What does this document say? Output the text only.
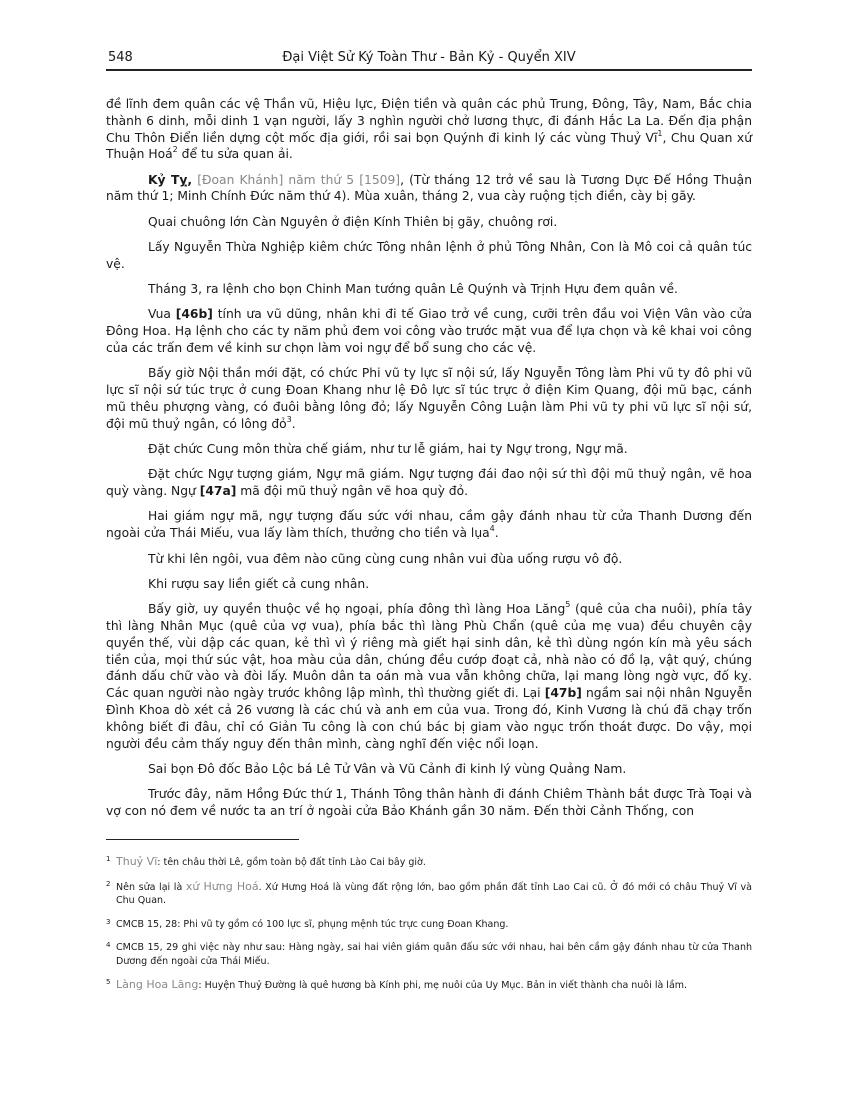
548	Đại Việt Sử Ký Toàn Thư - Bản Kỷ - Quyển XIV

đề lĩnh đem quân các vệ Thần vũ, Hiệu lực, Điện tiền và quân các phủ Trung, Đông, Tây, Nam, Bắc chia thành 6 dinh, mỗi dinh 1 vạn người, lấy 3 nghìn người chở lương thực, đi đánh Hắc La La. Đến địa phận Chu Thôn Điển liền dựng cột mốc địa giới, rồi sai bọn Quýnh đi kinh lý các vùng Thuỷ $Vĩ^1$, Chu Quan xứ Thuận Hoá$^2$ để tu sửa quan ải.

Kỷ Tỵ, [Đoan Khánh] năm thứ 5 [1509], (Từ tháng 12 trở về sau là Tương Dực Đế Hồng Thuận năm thứ 1; Minh Chính Đức năm thứ 4). Mùa xuân, tháng 2, vua cày ruộng tịch điền, cày bị gãy.

Quai chuông lớn Càn Nguyên ở điện Kính Thiên bị gãy, chuông rơi.

Lấy Nguyễn Thừa Nghiệp kiêm chức Tông nhân lệnh ở phủ Tông Nhân, Con là Mô coi cả quân túc vệ.

Tháng 3, ra lệnh cho bọn Chinh Man tướng quân Lê Quýnh và Trịnh Hựu đem quân về.

Vua [46b] tính ưa vũ dũng, nhân khi đi tế Giao trở về cung, cưỡi trên đầu voi Viện Vân vào cửa Đông Hoa. Hạ lệnh cho các ty năm phủ đem voi công vào trước mặt vua để lựa chọn và kê khai voi công của các trấn đem về kinh sư chọn làm voi ngự để bổ sung cho các vệ.

Bấy giờ Nội thần mới đặt, có chức Phi vũ ty lực sĩ nội sứ, lấy Nguyễn Tông làm Phi vũ ty đô phi vũ lực sĩ nội sứ túc trực ở cung Đoan Khang như lệ Đô lực sĩ túc trực ở điện Kim Quang, đội mũ bạc, cánh mũ thêu phượng vàng, có đuôi bằng lông đỏ; lấy Nguyễn Công Luận làm Phi vũ ty phi vũ lực sĩ nội sứ, đội mũ thuỷ ngân, có lông đỏ$^3$.

Đặt chức Cung môn thừa chế giám, như tư lễ giám, hai ty Ngự trong, Ngự mã.

Đặt chức Ngự tượng giám, Ngự mã giám. Ngự tượng đái đao nội sứ thì đội mũ thuỷ ngân, vẽ hoa quỳ vàng. Ngự [47a] mã đội mũ thuỷ ngân vẽ hoa quỳ đỏ.

Hai giám ngự mã, ngự tượng đấu sức với nhau, cầm gậy đánh nhau từ cửa Thanh Dương đến ngoài cửa Thái Miếu, vua lấy làm thích, thưởng cho tiền và lụa$^4$.

Từ khi lên ngôi, vua đêm nào cũng cùng cung nhân vui đùa uống rượu vô độ.

Khi rượu say liền giết cả cung nhân.

Bấy giờ, uy quyền thuộc về họ ngoại, phía đông thì làng Hoa Lăng$^5$ (quê của cha nuôi), phía tây thì làng Nhân Mục (quê của vợ vua), phía bắc thì làng Phù Chẩn (quê của mẹ vua) đều chuyên cậy quyền thế, vùi dập các quan, kẻ thì vì ý riêng mà giết hại sinh dân, kẻ thì dùng ngón kín mà yêu sách tiền của, mọi thứ súc vật, hoa màu của dân, chúng đều cướp đoạt cả, nhà nào có đồ lạ, vật quý, chúng đánh dấu chữ vào và đòi lấy. Muôn dân ta oán mà vua vẫn không chữa, lại mang lòng ngờ vực, đố kỵ. Các quan người nào ngày trước không lập mình, thì thường giết đi. Lại [47b] ngầm sai nội nhân Nguyễn Đình Khoa dò xét cả 26 vương là các chú và anh em của vua. Trong đó, Kinh Vương là chú đã chạy trốn không biết đi đâu, chỉ có Giản Tu công là con chú bác bị giam vào ngục trốn thoát được. Do vậy, mọi người đều cảm thấy nguy đến thân mình, càng nghĩ đến việc nổi loạn.

Sai bọn Đô đốc Bảo Lộc bá Lê Tử Vân và Vũ Cảnh đi kinh lý vùng Quảng Nam.

Trước đây, năm Hồng Đức thứ 1, Thánh Tông thân hành đi đánh Chiêm Thành bắt được Trà Toại và vợ con nó đem về nước ta an trí ở ngoài cửa Bảo Khánh gần 30 năm. Đến thời Cảnh Thống, con

1 Thuỷ Vĩ: tên châu thời Lê, gồm toàn bộ đất tỉnh Lào Cai bây giờ.
2 Nên sửa lại là xứ Hưng Hoá. Xứ Hưng Hoá là vùng đất rộng lớn, bao gồm phần đất tỉnh Lao Cai cũ. Ở đó mới có châu Thuỷ Vĩ và Chu Quan.
3 CMCB 15, 28: Phi vũ ty gồm có 100 lực sĩ, phụng mệnh túc trực cung Đoan Khang.
4 CMCB 15, 29 ghi việc này như sau: Hàng ngày, sai hai viên giám quân đấu sức với nhau, hai bên cầm gậy đánh nhau từ cửa Thanh Dương đến ngoài cửa Thái Miếu.
5 Làng Hoa Lăng: Huyện Thuỷ Đường là quê hương bà Kính phi, mẹ nuôi của Uy Mục. Bản in viết thành cha nuôi là lầm.
